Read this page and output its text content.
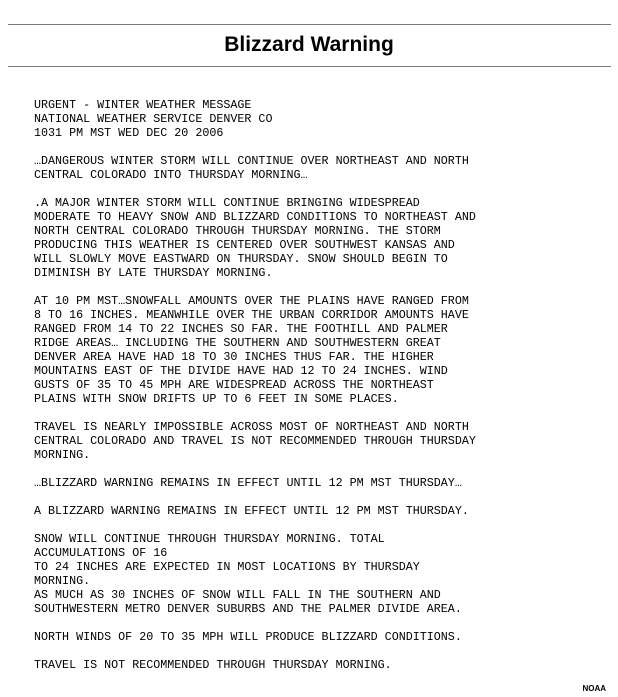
Blizzard Warning
URGENT - WINTER WEATHER MESSAGE
NATIONAL WEATHER SERVICE DENVER CO
1031 PM MST WED DEC 20 2006
…DANGEROUS WINTER STORM WILL CONTINUE OVER NORTHEAST AND NORTH
CENTRAL COLORADO INTO THURSDAY MORNING…
.A MAJOR WINTER STORM WILL CONTINUE BRINGING WIDESPREAD
MODERATE TO HEAVY SNOW AND BLIZZARD CONDITIONS TO NORTHEAST AND
NORTH CENTRAL COLORADO THROUGH THURSDAY MORNING. THE STORM
PRODUCING THIS WEATHER IS CENTERED OVER SOUTHWEST KANSAS AND
WILL SLOWLY MOVE EASTWARD ON THURSDAY. SNOW SHOULD BEGIN TO
DIMINISH BY LATE THURSDAY MORNING.
AT 10 PM MST…SNOWFALL AMOUNTS OVER THE PLAINS HAVE RANGED FROM
8 TO 16 INCHES. MEANWHILE OVER THE URBAN CORRIDOR AMOUNTS HAVE
RANGED FROM 14 TO 22 INCHES SO FAR. THE FOOTHILL AND PALMER
RIDGE AREAS… INCLUDING THE SOUTHERN AND SOUTHWESTERN GREAT
DENVER AREA HAVE HAD 18 TO 30 INCHES THUS FAR. THE HIGHER
MOUNTAINS EAST OF THE DIVIDE HAVE HAD 12 TO 24 INCHES. WIND
GUSTS OF 35 TO 45 MPH ARE WIDESPREAD ACROSS THE NORTHEAST
PLAINS WITH SNOW DRIFTS UP TO 6 FEET IN SOME PLACES.
TRAVEL IS NEARLY IMPOSSIBLE ACROSS MOST OF NORTHEAST AND NORTH
CENTRAL COLORADO AND TRAVEL IS NOT RECOMMENDED THROUGH THURSDAY
MORNING.
…BLIZZARD WARNING REMAINS IN EFFECT UNTIL 12 PM MST THURSDAY…
A BLIZZARD WARNING REMAINS IN EFFECT UNTIL 12 PM MST THURSDAY.
SNOW WILL CONTINUE THROUGH THURSDAY MORNING. TOTAL
ACCUMULATIONS OF 16
TO 24 INCHES ARE EXPECTED IN MOST LOCATIONS BY THURSDAY
MORNING.
AS MUCH AS 30 INCHES OF SNOW WILL FALL IN THE SOUTHERN AND
SOUTHWESTERN METRO DENVER SUBURBS AND THE PALMER DIVIDE AREA.
NORTH WINDS OF 20 TO 35 MPH WILL PRODUCE BLIZZARD CONDITIONS.
TRAVEL IS NOT RECOMMENDED THROUGH THURSDAY MORNING.
NOAA
